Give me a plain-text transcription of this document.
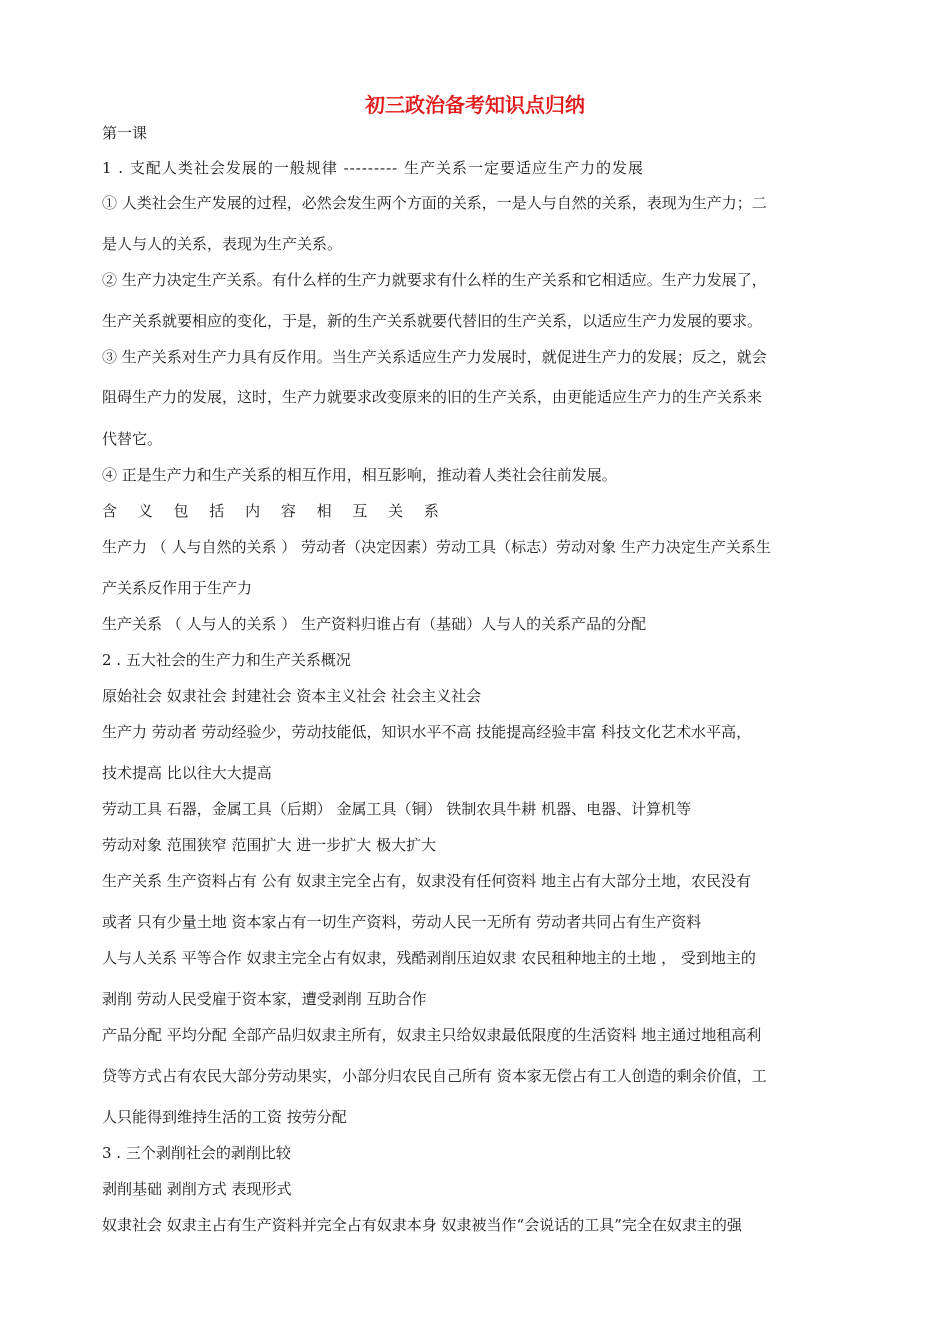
初三政治备考知识点归纳
第一课
1 . 支配人类社会发展的一般规律 --------- 生产关系一定要适应生产力的发展
① 人类社会生产发展的过程，必然会发生两个方面的关系，一是人与自然的关系，表现为生产力；二
是人与人的关系，表现为生产关系。
② 生产力决定生产关系。有什么样的生产力就要求有什么样的生产关系和它相适应。生产力发展了，
生产关系就要相应的变化，于是，新的生产关系就要代替旧的生产关系，以适应生产力发展的要求。
③ 生产关系对生产力具有反作用。当生产关系适应生产力发展时，就促进生产力的发展；反之，就会
阻碍生产力的发展，这时，生产力就要求改变原来的旧的生产关系，由更能适应生产力的生产关系来
代替它。
④ 正是生产力和生产关系的相互作用，相互影响，推动着人类社会往前发展。
含 义 包 括 内 容 相 互 关 系
生产力 （ 人与自然的关系 ） 劳动者（决定因素）劳动工具（标志）劳动对象 生产力决定生产关系生
产关系反作用于生产力
生产关系 （ 人与人的关系 ） 生产资料归谁占有（基础）人与人的关系产品的分配
2 . 五大社会的生产力和生产关系概况
原始社会 奴隶社会 封建社会 资本主义社会 社会主义社会
生产力 劳动者 劳动经验少，劳动技能低，知识水平不高 技能提高经验丰富 科技文化艺术水平高，
技术提高 比以往大大提高
劳动工具 石器，金属工具（后期） 金属工具（铜） 铁制农具牛耕 机器、电器、计算机等
劳动对象 范围狭窄 范围扩大 进一步扩大 极大扩大
生产关系 生产资料占有 公有 奴隶主完全占有，奴隶没有任何资料 地主占有大部分土地，农民没有
或者 只有少量土地 资本家占有一切生产资料，劳动人民一无所有 劳动者共同占有生产资料
人与人关系 平等合作 奴隶主完全占有奴隶，残酷剥削压迫奴隶 农民租种地主的土地 ， 受到地主的
剥削 劳动人民受雇于资本家，遭受剥削 互助合作
产品分配 平均分配 全部产品归奴隶主所有，奴隶主只给奴隶最低限度的生活资料 地主通过地租高利
贷等方式占有农民大部分劳动果实，小部分归农民自己所有 资本家无偿占有工人创造的剩余价值，工
人只能得到维持生活的工资 按劳分配
3 . 三个剥削社会的剥削比较
剥削基础 剥削方式 表现形式
奴隶社会 奴隶主占有生产资料并完全占有奴隶本身 奴隶被当作“会说话的工具”完全在奴隶主的强
